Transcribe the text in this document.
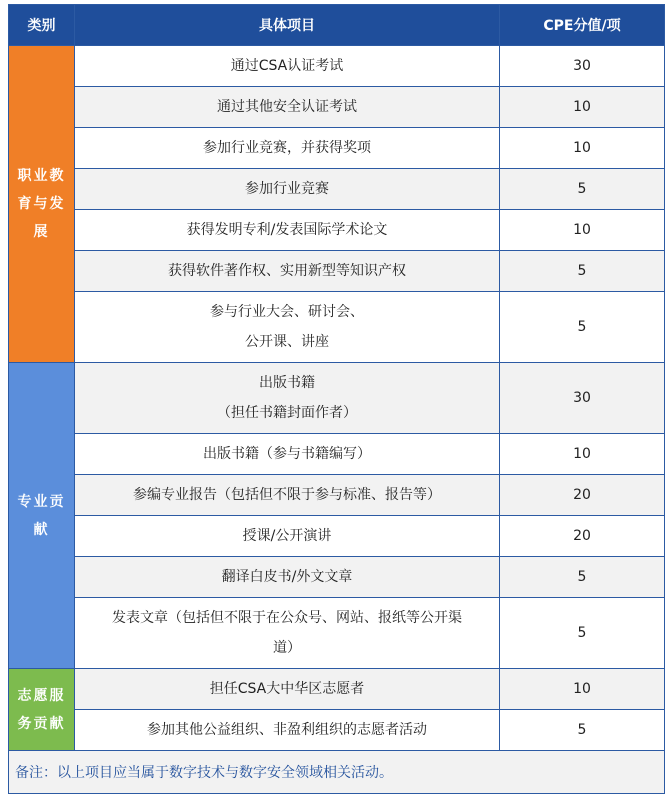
类别	具体项目	CPE分值/项
职业教育与发展	通过CSA认证考试	30

	通过其他安全认证考试	10

	参加行业竞赛，并获得奖项	10

	参加行业竞赛	5

	获得发明专利/发表国际学术论文	10

	获得软件著作权、实用新型等知识产权	5

	参与行业大会、研讨会、
公开课、讲座	5
专业贡献	出版书籍
（担任书籍封面作者）	30

	出版书籍（参与书籍编写）	10

	参编专业报告（包括但不限于参与标准、报告等）	20

	授课/公开演讲	20

	翻译白皮书/外文文章	5

	发表文章（包括但不限于在公众号、网站、报纸等公开渠
道）	5
志愿服务贡献	担任CSA大中华区志愿者	10

	参加其他公益组织、非盈利组织的志愿者活动	5
备注：以上项目应当属于数字技术与数字安全领域相关活动。		
